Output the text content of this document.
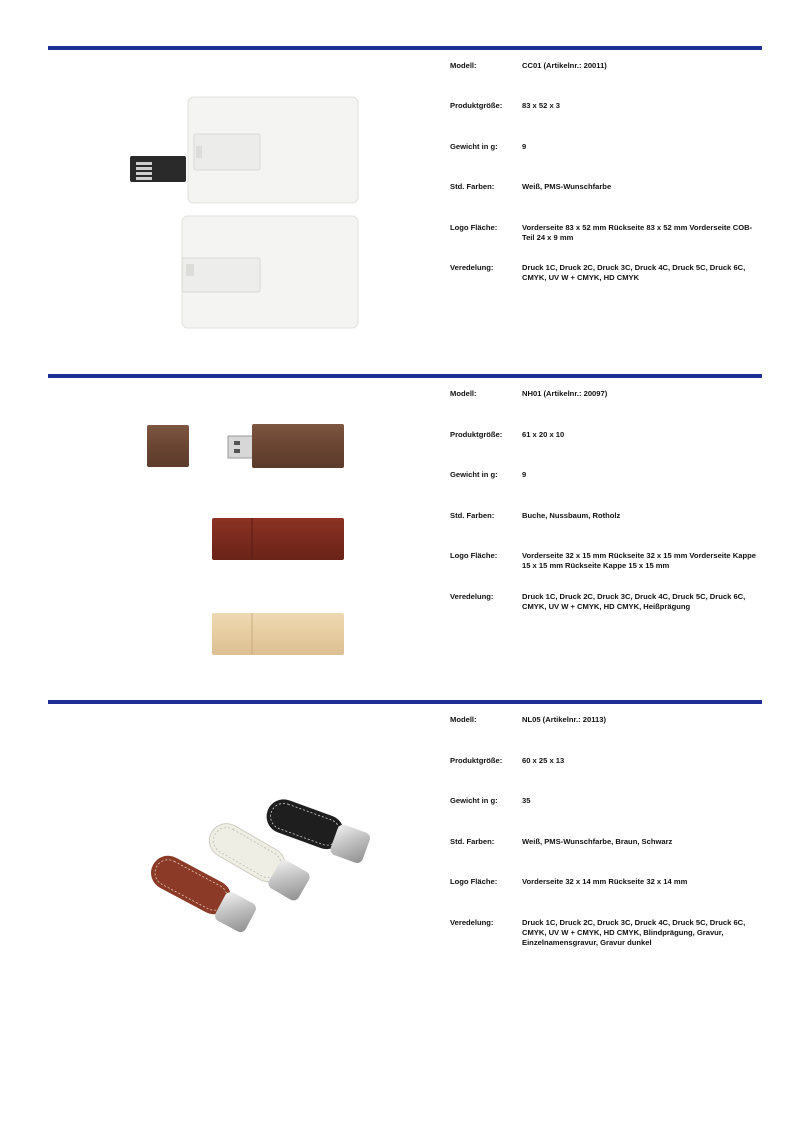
Modell:	CC01 (Artikelnr.: 20011)
Produktgröße:	83 x 52 x 3
Gewicht in g:	9
Std. Farben:	Weiß, PMS-Wunschfarbe
Logo Fläche:	Vorderseite 83 x 52 mm Rückseite 83 x 52 mm Vorderseite COB-Teil 24 x 9 mm
Veredelung:	Druck 1C, Druck 2C, Druck 3C, Druck 4C, Druck 5C, Druck 6C, CMYK, UV W + CMYK, HD CMYK
Modell:	NH01 (Artikelnr.: 20097)
Produktgröße:	61 x 20 x 10
Gewicht in g:	9
Std. Farben:	Buche, Nussbaum, Rotholz
Logo Fläche:	Vorderseite 32 x 15 mm Rückseite 32 x 15 mm Vorderseite Kappe 15 x 15 mm Rückseite Kappe 15 x 15 mm
Veredelung:	Druck 1C, Druck 2C, Druck 3C, Druck 4C, Druck 5C, Druck 6C, CMYK, UV W + CMYK, HD CMYK, Heißprägung
Modell:	NL05 (Artikelnr.: 20113)
Produktgröße:	60 x 25 x 13
Gewicht in g:	35
Std. Farben:	Weiß, PMS-Wunschfarbe, Braun, Schwarz
Logo Fläche:	Vorderseite 32 x 14 mm Rückseite 32 x 14 mm
Veredelung:	Druck 1C, Druck 2C, Druck 3C, Druck 4C, Druck 5C, Druck 6C, CMYK, UV W + CMYK, HD CMYK, Blindprägung, Gravur, Einzelnamensgravur, Gravur dunkel
